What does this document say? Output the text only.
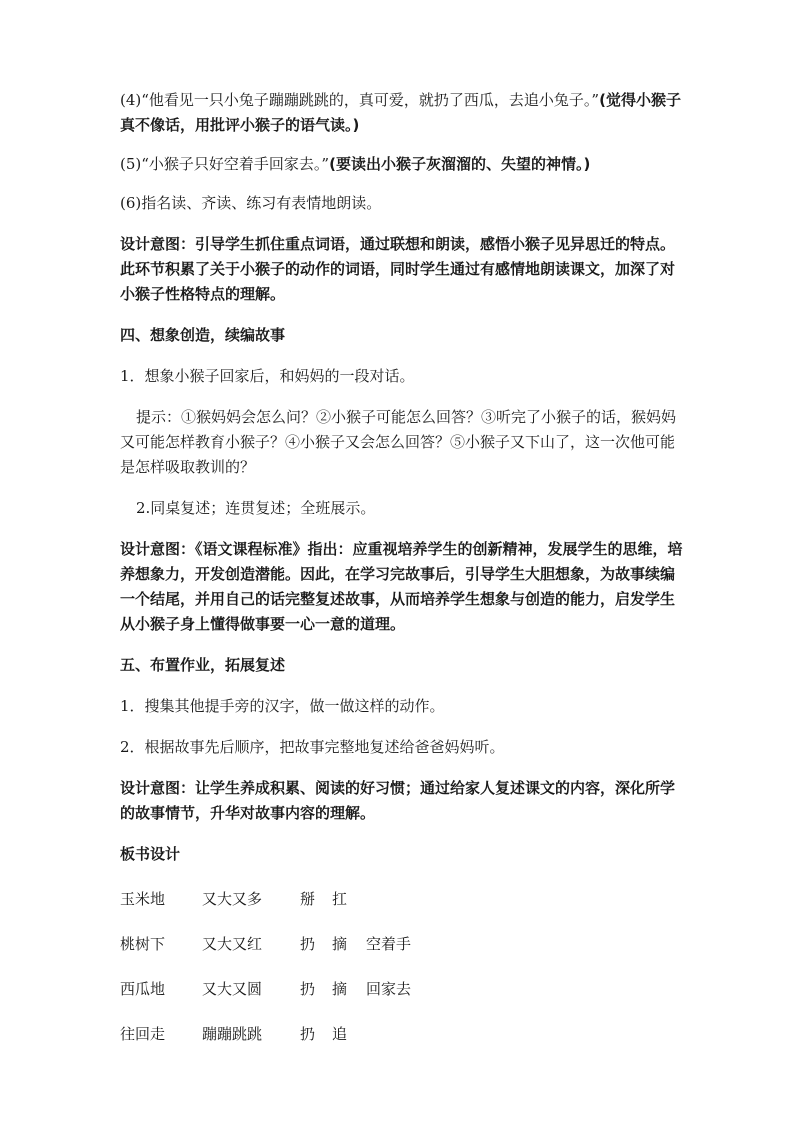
(4)“他看见一只小兔子蹦蹦跳跳的，真可爱，就扔了西瓜，去追小兔子。”(觉得小猴子真不像话，用批评小猴子的语气读。)

(5)“小猴子只好空着手回家去。”(要读出小猴子灰溜溜的、失望的神情。)

(6)指名读、齐读、练习有表情地朗读。

设计意图：引导学生抓住重点词语，通过联想和朗读，感悟小猴子见异思迁的特点。此环节积累了关于小猴子的动作的词语，同时学生通过有感情地朗读课文，加深了对小猴子性格特点的理解。

四、想象创造，续编故事

1．想象小猴子回家后，和妈妈的一段对话。

提示：①猴妈妈会怎么问？②小猴子可能怎么回答？③听完了小猴子的话，猴妈妈又可能怎样教育小猴子？④小猴子又会怎么回答？⑤小猴子又下山了，这一次他可能是怎样吸取教训的？

2.同桌复述；连贯复述；全班展示。

设计意图：《语文课程标准》指出：应重视培养学生的创新精神，发展学生的思维，培养想象力，开发创造潜能。因此，在学习完故事后，引导学生大胆想象，为故事续编一个结尾，并用自己的话完整复述故事，从而培养学生想象与创造的能力，启发学生从小猴子身上懂得做事要一心一意的道理。

五、布置作业，拓展复述

1．搜集其他提手旁的汉字，做一做这样的动作。

2．根据故事先后顺序，把故事完整地复述给爸爸妈妈听。

设计意图：让学生养成积累、阅读的好习惯；通过给家人复述课文的内容，深化所学的故事情节，升华对故事内容的理解。

板书设计

玉米地	又大又多	掰	扛
桃树下	又大又红	扔	摘	空着手
西瓜地	又大又圆	扔	摘	回家去
往回走	蹦蹦跳跳	扔	追
